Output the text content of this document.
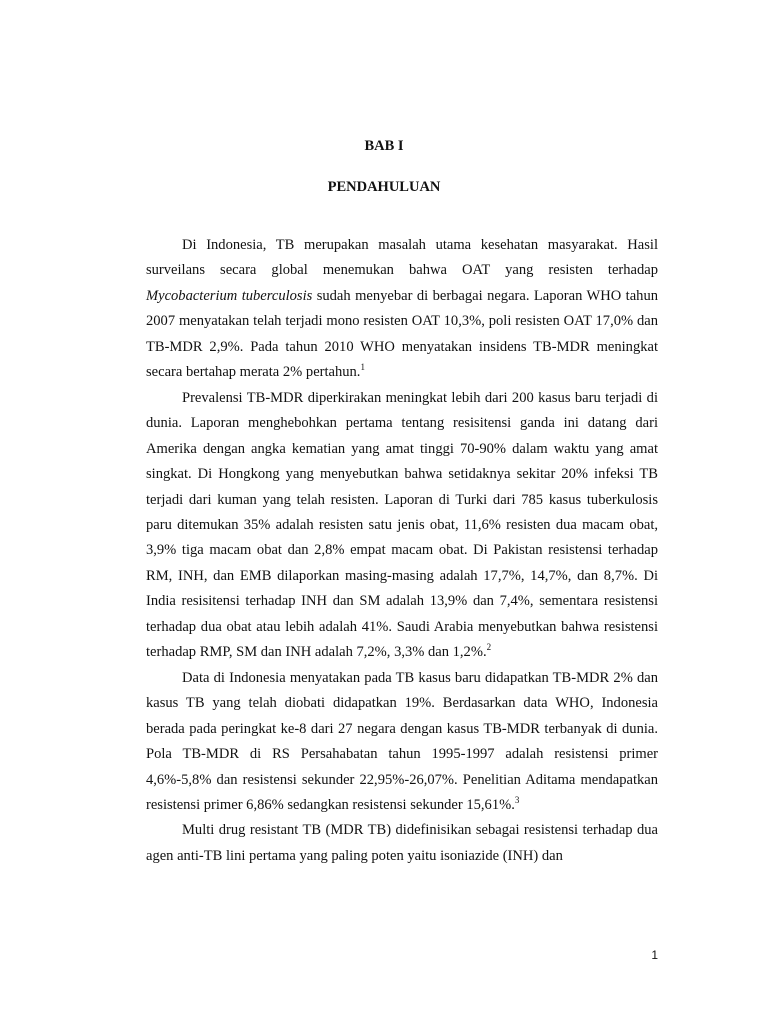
BAB I
PENDAHULUAN

Di Indonesia, TB merupakan masalah utama kesehatan masyarakat. Hasil surveilans secara global menemukan bahwa OAT yang resisten terhadap Mycobacterium tuberculosis sudah menyebar di berbagai negara. Laporan WHO tahun 2007 menyatakan telah terjadi mono resisten OAT 10,3%, poli resisten OAT 17,0% dan TB-MDR 2,9%. Pada tahun 2010 WHO menyatakan insidens TB-MDR meningkat secara bertahap merata 2% pertahun.$^1$

Prevalensi TB-MDR diperkirakan meningkat lebih dari 200 kasus baru terjadi di dunia. Laporan menghebohkan pertama tentang resisitensi ganda ini datang dari Amerika dengan angka kematian yang amat tinggi 70-90% dalam waktu yang amat singkat. Di Hongkong yang menyebutkan bahwa setidaknya sekitar 20% infeksi TB terjadi dari kuman yang telah resisten. Laporan di Turki dari 785 kasus tuberkulosis paru ditemukan 35% adalah resisten satu jenis obat, 11,6% resisten dua macam obat, 3,9% tiga macam obat dan 2,8% empat macam obat. Di Pakistan resistensi terhadap RM, INH, dan EMB dilaporkan masing-masing adalah 17,7%, 14,7%, dan 8,7%. Di India resisitensi terhadap INH dan SM adalah 13,9% dan 7,4%, sementara resistensi terhadap dua obat atau lebih adalah 41%. Saudi Arabia menyebutkan bahwa resistensi terhadap RMP, SM dan INH adalah 7,2%, 3,3% dan 1,2%.$^2$

Data di Indonesia menyatakan pada TB kasus baru didapatkan TB-MDR 2% dan kasus TB yang telah diobati didapatkan 19%. Berdasarkan data WHO, Indonesia berada pada peringkat ke-8 dari 27 negara dengan kasus TB-MDR terbanyak di dunia. Pola TB-MDR di RS Persahabatan tahun 1995-1997 adalah resistensi primer 4,6%-5,8% dan resistensi sekunder 22,95%-26,07%. Penelitian Aditama mendapatkan resistensi primer 6,86% sedangkan resistensi sekunder 15,61%.$^3$

Multi drug resistant TB (MDR TB) didefinisikan sebagai resistensi terhadap dua agen anti-TB lini pertama yang paling poten yaitu isoniazide (INH) dan

1
